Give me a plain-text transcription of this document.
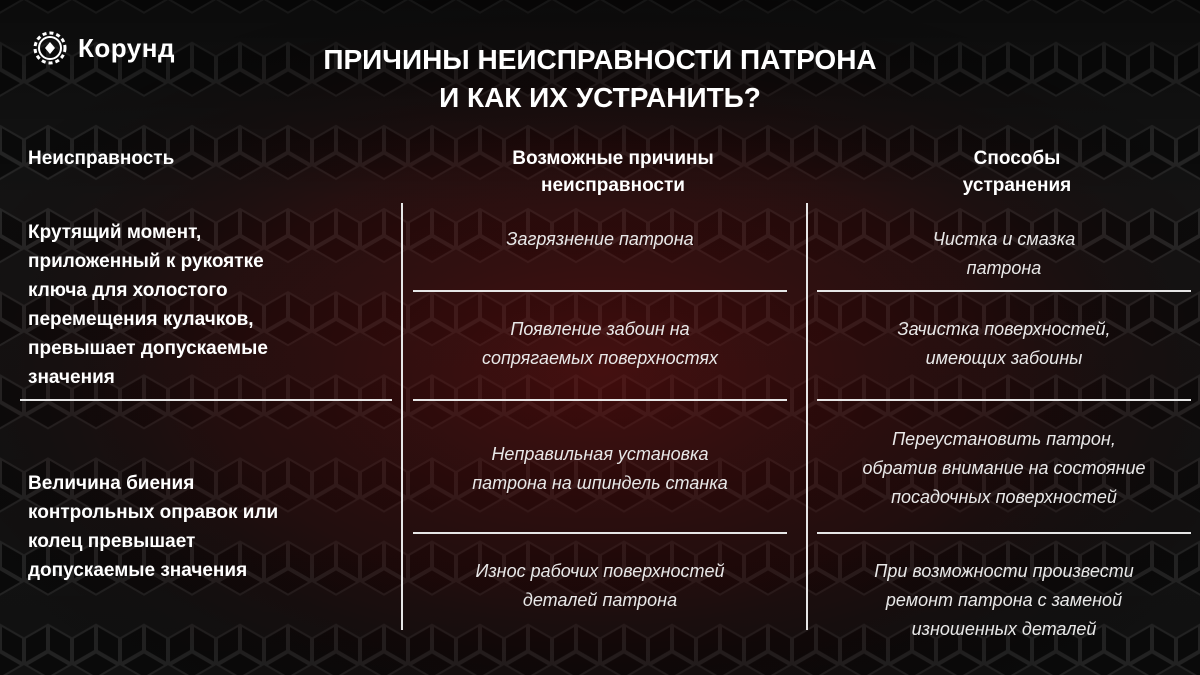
Корунд	ПРИЧИНЫ НЕИСПРАВНОСТИ ПАТРОНА
И КАК ИХ УСТРАНИТЬ?
Неисправность	Возможные причины
неисправности
Способы
устранения
Крутящий момент,
приложенный к рукоятке
ключа для холостого
перемещения кулачков,
превышает допускаемые
значения
Величина биения
контрольных оправок или
колец превышает
допускаемые значения
Загрязнение патрона
Появление забоин на
сопрягаемых поверхностях
Неправильная установка
патрона на шпиндель станка
Износ рабочих поверхностей
деталей патрона
Чистка и смазка
патрона
Зачистка поверхностей,
имеющих забоины
Переустановить патрон,
обратив внимание на состояние
посадочных поверхностей
При возможности произвести
ремонт патрона с заменой
изношенных деталей
